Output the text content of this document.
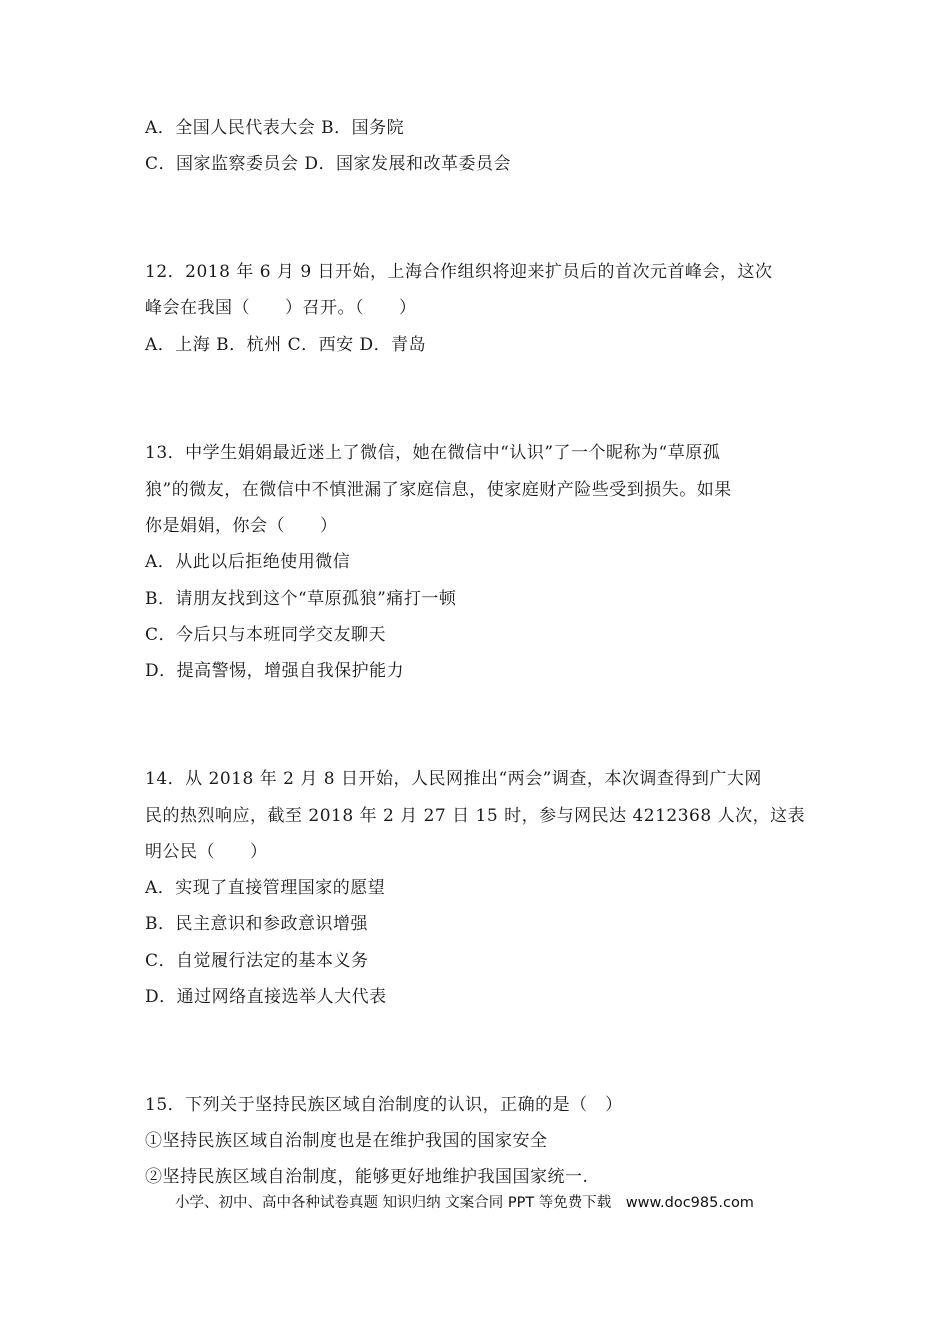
A．全国人民代表大会 B．国务院
C．国家监察委员会 D．国家发展和改革委员会
12．2018 年 6 月 9 日开始，上海合作组织将迎来扩员后的首次元首峰会，这次
峰会在我国（　　）召开。（　　）
A．上海 B．杭州 C．西安 D．青岛
13．中学生娟娟最近迷上了微信，她在微信中“认识”了一个昵称为“草原孤
狼”的微友，在微信中不慎泄漏了家庭信息，使家庭财产险些受到损失。如果
你是娟娟，你会（　　）
A．从此以后拒绝使用微信
B．请朋友找到这个“草原孤狼”痛打一顿
C．今后只与本班同学交友聊天
D．提高警惕，增强自我保护能力
14．从 2018 年 2 月 8 日开始，人民网推出“两会”调查，本次调查得到广大网
民的热烈响应，截至 2018 年 2 月 27 日 15 时，参与网民达 4212368 人次，这表
明公民（　　）
A．实现了直接管理国家的愿望
B．民主意识和参政意识增强
C．自觉履行法定的基本义务
D．通过网络直接选举人大代表
15．下列关于坚持民族区域自治制度的认识，正确的是（　）
①坚持民族区域自治制度也是在维护我国的国家安全
②坚持民族区域自治制度，能够更好地维护我国国家统一.
小学、初中、高中各种试卷真题 知识归纳 文案合同 PPT 等免费下载　www.doc985.com
